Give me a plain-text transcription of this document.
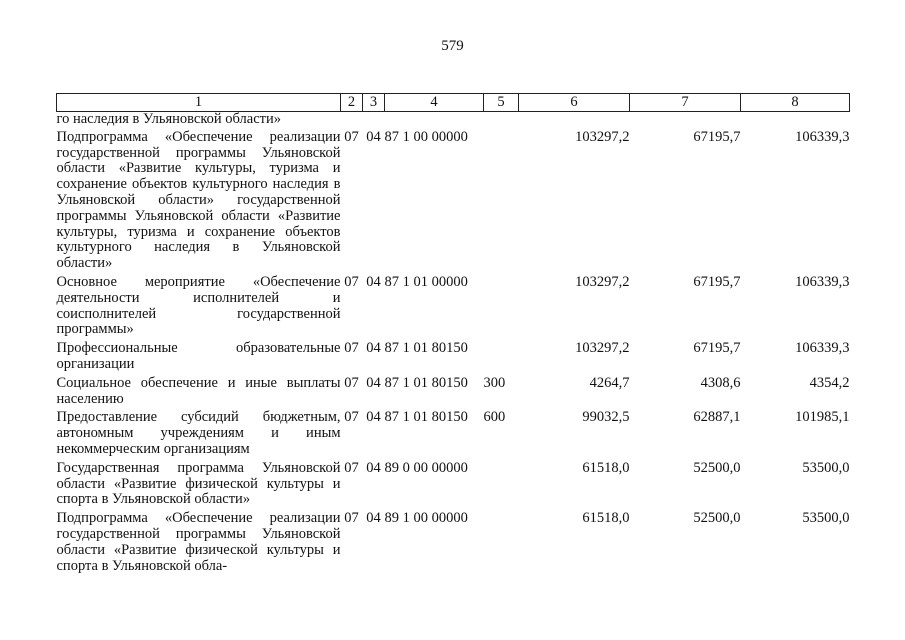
579
1	2	3	4	5	6	7	8
го наследия в Ульяновской области»							
Подпрограмма «Обеспечение реализации государственной программы Ульяновской области «Развитие культуры, туризма и сохранение объектов культурного наследия в Ульяновской области» государственной программы Ульяновской области «Развитие культуры, туризма и сохранение объектов культурного наследия в Ульяновской области»	07	04	87 1 00 00000		103297,2	67195,7	106339,3
Основное мероприятие «Обеспечение деятельности исполнителей и соисполнителей государственной программы»	07	04	87 1 01 00000		103297,2	67195,7	106339,3
Профессиональные образовательные организации	07	04	87 1 01 80150		103297,2	67195,7	106339,3
Социальное обеспечение и иные выплаты населению	07	04	87 1 01 80150	300	4264,7	4308,6	4354,2
Предоставление субсидий бюджетным, автономным учреждениям и иным некоммерческим организациям	07	04	87 1 01 80150	600	99032,5	62887,1	101985,1
Государственная программа Ульяновской области «Развитие физической культуры и спорта в Ульяновской области»	07	04	89 0 00 00000		61518,0	52500,0	53500,0
Подпрограмма «Обеспечение реализации государственной программы Ульяновской области «Развитие физической культуры и спорта в Ульяновской обла-	07	04	89 1 00 00000		61518,0	52500,0	53500,0
